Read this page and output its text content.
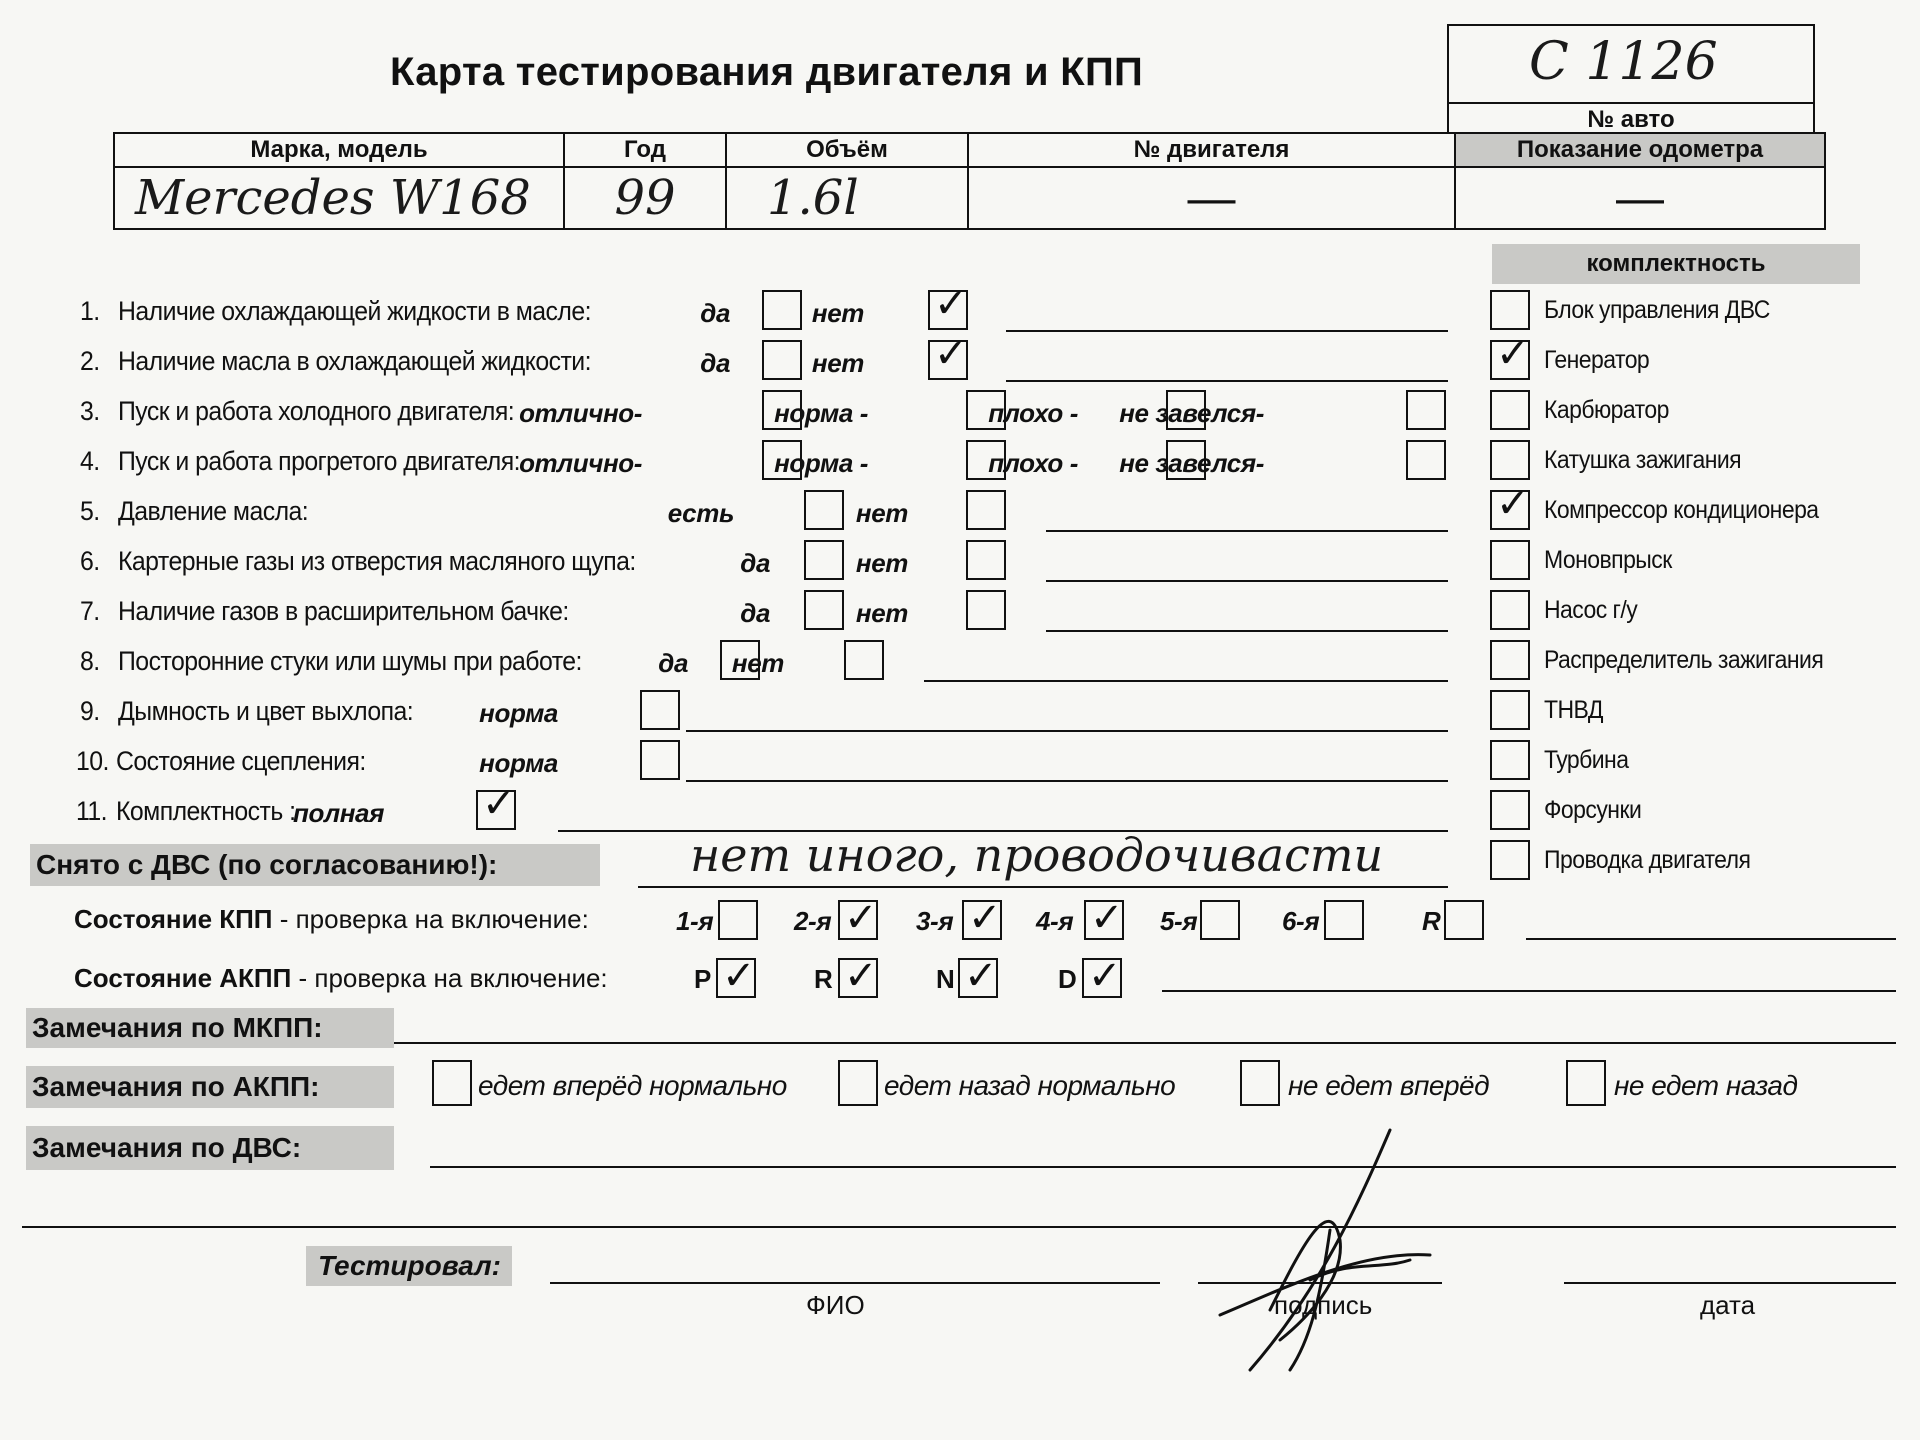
Карта тестирования двигателя и КПП	С 1126
№ авто
Марка, модель	Год	Объём	№ двигателя	Показание одометра
Mercedes W168	99	1.6l	—	—
1. Наличие охлаждающей жидкости в масле:	да	нет ✓
2. Наличие масла в охлаждающей жидкости:	да	нет ✓
3. Пуск и работа холодного двигателя: отлично-	норма -	плохо - не завелся-
4. Пуск и работа прогретого двигателя: отлично-	норма -	плохо - не завелся-
5. Давление масла:	есть	нет
6. Картерные газы из отверстия масляного щупа:	да	нет
7. Наличие газов в расширительном бачке:	да	нет
8. Посторонние стуки или шумы при работе:	да	нет
9. Дымность и цвет выхлопа:	норма
10. Состояние сцепления:	норма
11. Комплектность :
полная ✓
комплектность
Блок управления ДВС
✓ Генератор
Карбюратор
Катушка зажигания
✓ Компрессор кондиционера
Моновпрыск
Насос г/у
Распределитель зажигания
ТНВД
Турбина
Форсунки
Проводка двигателя
Снято с ДВС (по согласованию!):	нет иного, проводочивасти
Состояние КПП - проверка на включение:	1-я	2-я ✓ 3-я ✓ 4-я ✓ 5-я	6-я	R
Состояние АКПП - проверка на включение:	P ✓ R ✓ N ✓ D ✓
Замечания по МКПП:
Замечания по АКПП:	едет вперёд нормально	едет назад нормально	не едет вперёд	не едет назад
Замечания по ДВС:
Тестировал:
ФИО	подпись	дата
